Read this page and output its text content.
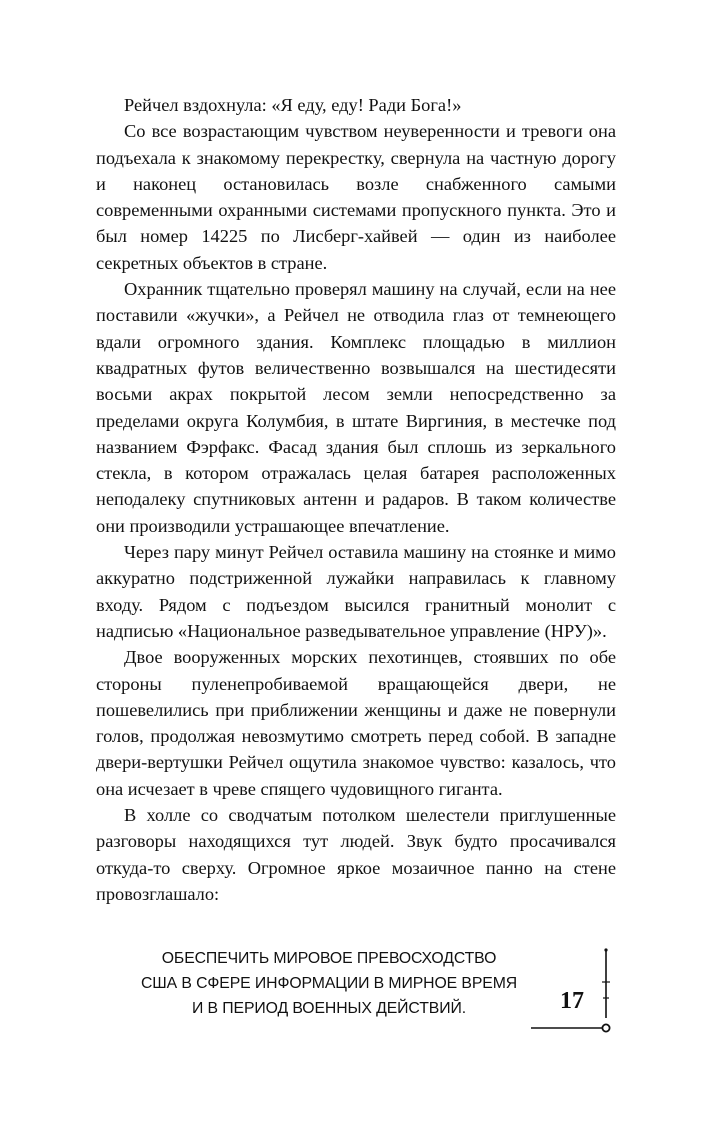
Рейчел вздохнула: «Я еду, еду! Ради Бога!»

Со все возрастающим чувством неуверенности и тревоги она подъехала к знакомому перекрестку, свернула на частную дорогу и наконец остановилась возле снабженного самыми современными охранными системами пропускного пункта. Это и был номер 14225 по Лисберг-хайвей — один из наиболее секретных объектов в стране.

Охранник тщательно проверял машину на случай, если на нее поставили «жучки», а Рейчел не отводила глаз от темнеющего вдали огромного здания. Комплекс площадью в миллион квадратных футов величественно возвышался на шестидесяти восьми акрах покрытой лесом земли непосредственно за пределами округа Колумбия, в штате Виргиния, в местечке под названием Фэрфакс. Фасад здания был сплошь из зеркального стекла, в котором отражалась целая батарея расположенных неподалеку спутниковых антенн и радаров. В таком количестве они производили устрашающее впечатление.

Через пару минут Рейчел оставила машину на стоянке и мимо аккуратно подстриженной лужайки направилась к главному входу. Рядом с подъездом высился гранитный монолит с надписью «Национальное разведывательное управление (НРУ)».

Двое вооруженных морских пехотинцев, стоявших по обе стороны пуленепробиваемой вращающейся двери, не пошевелились при приближении женщины и даже не повернули голов, продолжая невозмутимо смотреть перед собой. В западне двери-вертушки Рейчел ощутила знакомое чувство: казалось, что она исчезает в чреве спящего чудовищного гиганта.

В холле со сводчатым потолком шелестели приглушенные разговоры находящихся тут людей. Звук будто просачивался откуда-то сверху. Огромное яркое мозаичное панно на стене провозглашало:

ОБЕСПЕЧИТЬ МИРОВОЕ ПРЕВОСХОДСТВО
США В СФЕРЕ ИНФОРМАЦИИ В МИРНОЕ ВРЕМЯ
И В ПЕРИОД ВОЕННЫХ ДЕЙСТВИЙ.	17
